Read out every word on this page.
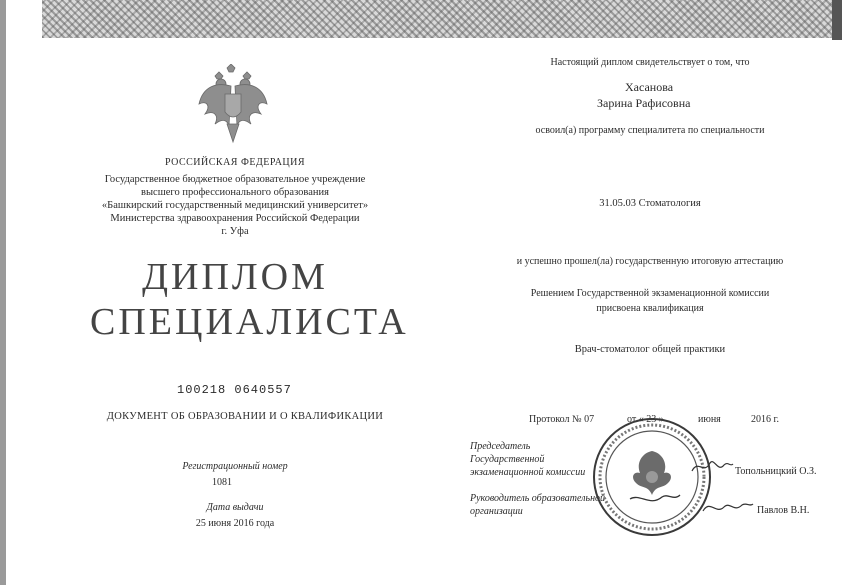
РОССИЙСКАЯ ФЕДЕРАЦИЯ
Государственное бюджетное образовательное учреждение
высшего профессионального образования
«Башкирский государственный медицинский университет»
Министерства здравоохранения Российской Федерации
г. Уфа
ДИПЛОМ
СПЕЦИАЛИСТА
100218 0640557
ДОКУМЕНТ ОБ ОБРАЗОВАНИИ И О КВАЛИФИКАЦИИ
Регистрационный номер
1081
Дата выдачи
25 июня 2016 года
Настоящий диплом свидетельствует о том, что
Хасанова
Зарина Рафисовна
освоил(а) программу специалитета по специальности
31.05.03 Стоматология
и успешно прошел(ла) государственную итоговую аттестацию
Решением Государственной экзаменационной комиссии
присвоена квалификация
Врач-стоматолог общей практики
Протокол № 07	от « 23 »	июня	2016 г.
Председатель
Государственной
экзаменационной комиссии	Топольницкий О.З.
Руководитель образовательной
организации	Павлов В.Н.
